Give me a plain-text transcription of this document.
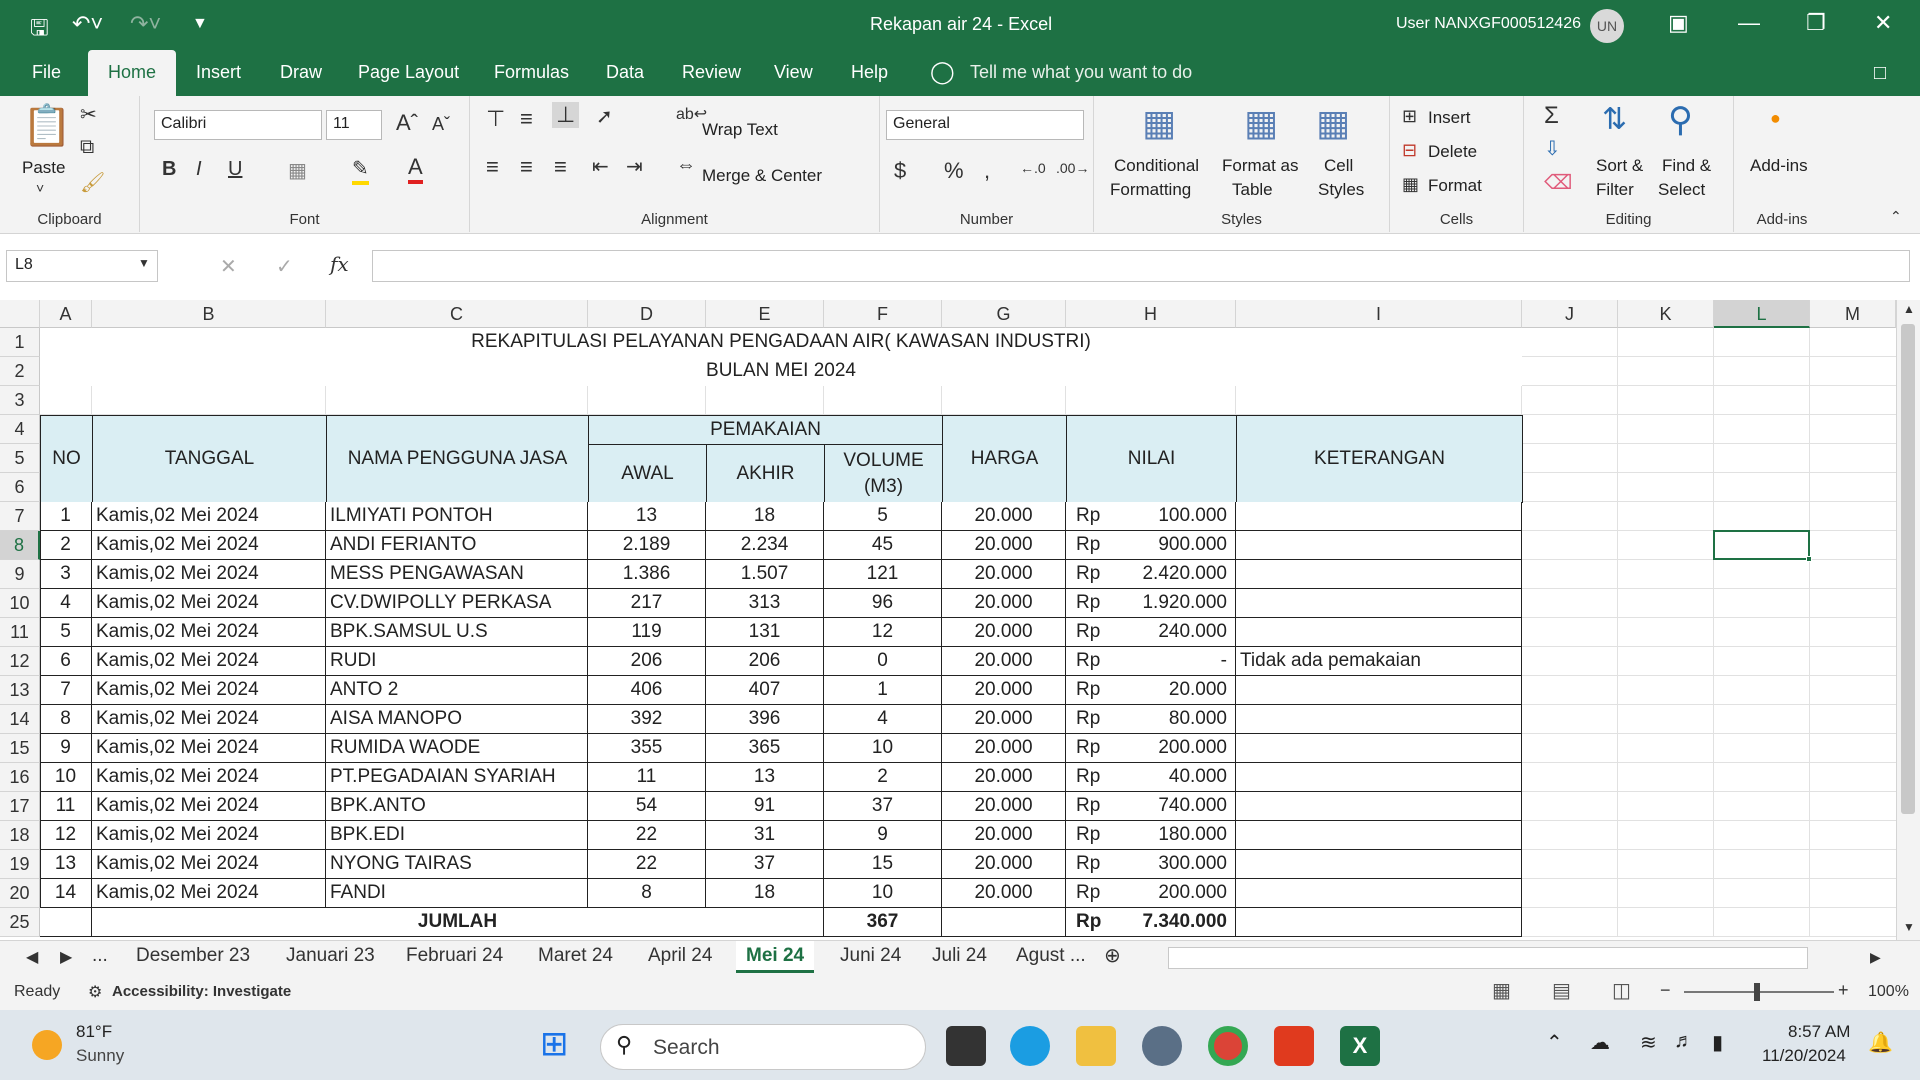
🖫 ↶˅ ↷˅ ▼	Rekapan air 24 - Excel	User NANXGF000512426	UN	▣ — ❐ ✕
File	Home	Insert Draw Page Layout Formulas Data Review View Help ◯ Tell me what you want to do	□
📋
Paste
˅
✂
⧉
🖌
Clipboard
Calibri	11	Aˆ Aˇ
B I U ▦ ✎ A
Font
⊤ ≡ ⊥ ➚	ab↩
Wrap Text
≡ ≡ ≡ ⇤ ⇥ ⇔ Merge & Center
Alignment
General
$ % , ←.0 .00→
Number
▦
Conditional
Formatting
▦
Format as
Table
▦
Cell
Styles
Styles
⊞ Insert
⊟ Delete
▦ Format
Cells
Σ
⇩
⌫
⇅
Sort &
Filter
⚲
Find &
Select
Editing
●
Add-ins
Add-ins	⌃
L8	▼	✕ ✓ fx
A	B	C	D	E	F	G	H	I	J	K	L	M
1
2
3
4
5
6
7
8
9
10
11
12
13
14
15
16
17
18
19
20
25
REKAPITULASI PELAYANAN PENGADAAN AIR( KAWASAN INDUSTRI)
BULAN MEI 2024
NO	TANGGAL	NAMA PENGGUNA JASA
PEMAKAIAN
AWAL	AKHIR
VOLUME
(M3)
HARGA	NILAI	KETERANGAN
1	Kamis,02 Mei 2024	ILMIYATI PONTOH	13	18	5	20.000	100.000
Rp
2	Kamis,02 Mei 2024	ANDI FERIANTO	2.189	2.234	45	20.000	900.000
Rp
3	Kamis,02 Mei 2024	MESS PENGAWASAN	1.386	1.507	121	20.000	2.420.000
Rp
4	Kamis,02 Mei 2024	CV.DWIPOLLY PERKASA	217	313	96	20.000	1.920.000
Rp
5	Kamis,02 Mei 2024	BPK.SAMSUL U.S	119	131	12	20.000	240.000
Rp
6	Kamis,02 Mei 2024	RUDI	206	206	0	20.000	- Tidak ada pemakaian
Rp
7	Kamis,02 Mei 2024	ANTO 2	406	407	1	20.000	20.000
Rp
8	Kamis,02 Mei 2024	AISA MANOPO	392	396	4	20.000	80.000
Rp
9	Kamis,02 Mei 2024	RUMIDA WAODE	355	365	10	20.000	200.000
Rp
10	Kamis,02 Mei 2024	PT.PEGADAIAN SYARIAH	11	13	2	20.000	40.000
Rp
11	Kamis,02 Mei 2024	BPK.ANTO	54	91	37	20.000	740.000
Rp
12	Kamis,02 Mei 2024	BPK.EDI	22	31	9	20.000	180.000
Rp
13	Kamis,02 Mei 2024	NYONG TAIRAS	22	37	15	20.000	300.000
Rp
14	Kamis,02 Mei 2024	FANDI	8	18	10	20.000	200.000
Rp
JUMLAH	367	7.340.000
Rp
▲
▼
◀ ▶ ... Desember 23 Januari 23 Februari 24 Maret 24 April 24	Mei 24	Juni 24 Juli 24 Agust ... ⊕	▶
Ready ⚙ Accessibility: Investigate	▦ ▤ ◫ −	+ 100%
81°F
Sunny	⊞	Search
⚲	X	⌃ ☁ ≋ ♬ ▮
8:57 AM
11/20/2024
🔔
